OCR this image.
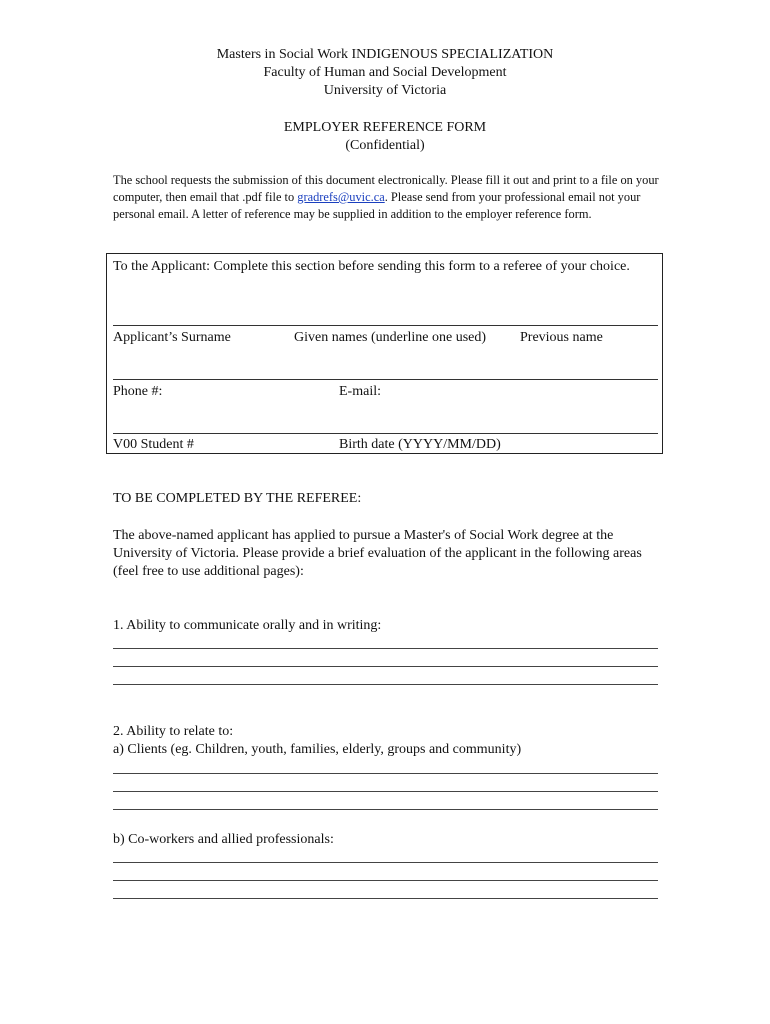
Masters in Social Work INDIGENOUS SPECIALIZATION
Faculty of Human and Social Development
University of Victoria
EMPLOYER REFERENCE FORM
(Confidential)
The school requests the submission of this document electronically. Please fill it out and print to a file on your computer, then email that .pdf file to gradrefs@uvic.ca. Please send from your professional email not your personal email. A letter of reference may be supplied in addition to the employer reference form.
To the Applicant: Complete this section before sending this form to a referee of your choice.
Applicant’s Surname	Given names (underline one used) Previous name
Phone #:	E-mail:
V00 Student #	Birth date (YYYY/MM/DD)
TO BE COMPLETED BY THE REFEREE:
The above-named applicant has applied to pursue a Master's of Social Work degree at the University of Victoria. Please provide a brief evaluation of the applicant in the following areas (feel free to use additional pages):
1. Ability to communicate orally and in writing:
2. Ability to relate to:
a) Clients (eg. Children, youth, families, elderly, groups and community)
b) Co-workers and allied professionals:
